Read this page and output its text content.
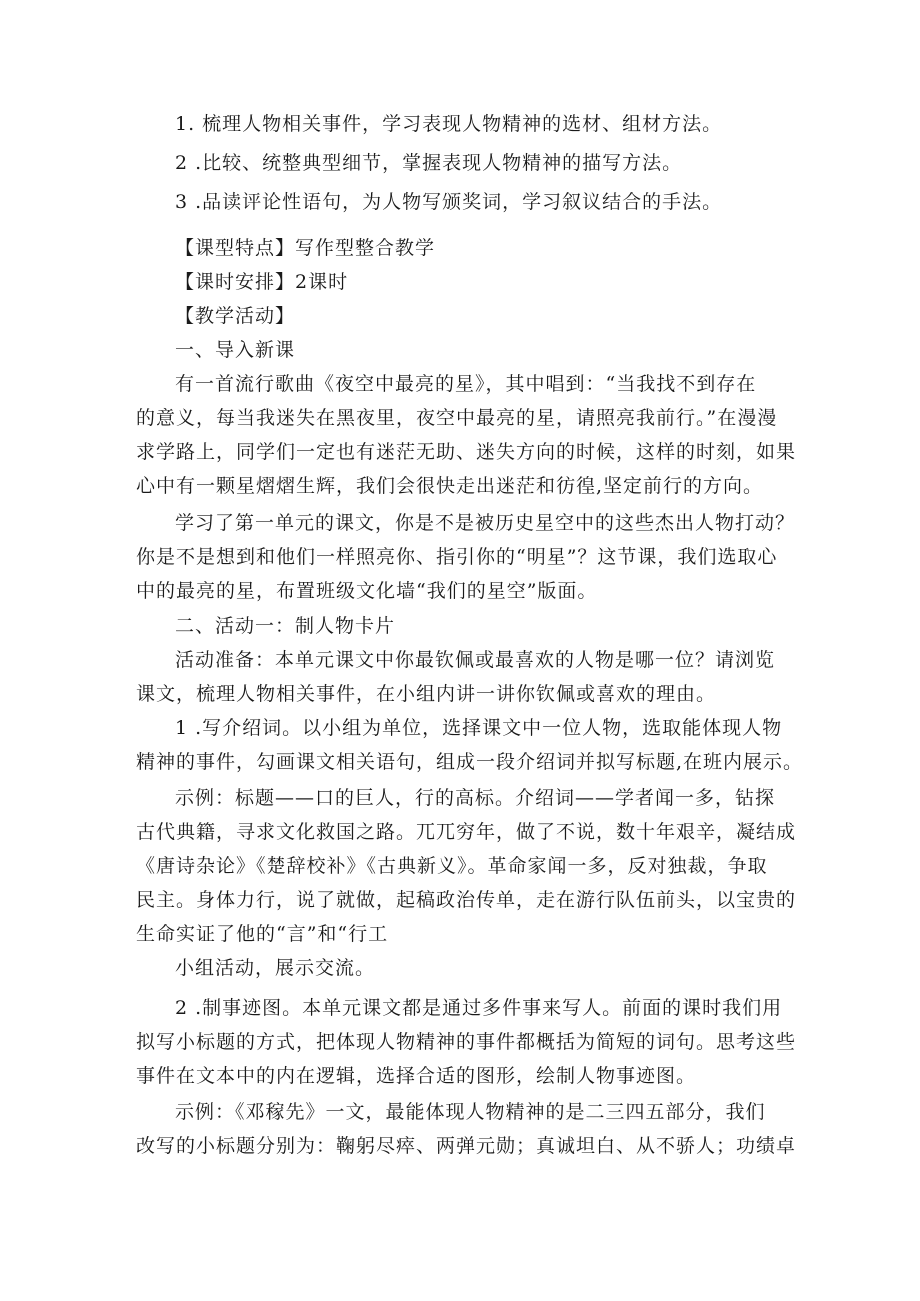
1. 梳理人物相关事件，学习表现人物精神的选材、组材方法。
2 .比较、统整典型细节，掌握表现人物精神的描写方法。
3 .品读评论性语句，为人物写颁奖词，学习叙议结合的手法。
【课型特点】写作型整合教学
【课时安排】2课时
【教学活动】
一、导入新课
有一首流行歌曲《夜空中最亮的星》，其中唱到：“当我找不到存在
的意义，每当我迷失在黑夜里，夜空中最亮的星，请照亮我前行。”在漫漫
求学路上，同学们一定也有迷茫无助、迷失方向的时候，这样的时刻，如果
心中有一颗星熠熠生辉，我们会很快走出迷茫和彷徨,坚定前行的方向。
学习了第一单元的课文，你是不是被历史星空中的这些杰出人物打动？
你是不是想到和他们一样照亮你、指引你的“明星”？这节课，我们选取心
中的最亮的星，布置班级文化墙“我们的星空”版面。
二、活动一：制人物卡片
活动准备：本单元课文中你最钦佩或最喜欢的人物是哪一位？请浏览
课文，梳理人物相关事件，在小组内讲一讲你钦佩或喜欢的理由。
1 .写介绍词。以小组为单位，选择课文中一位人物，选取能体现人物
精神的事件，勾画课文相关语句，组成一段介绍词并拟写标题,在班内展示。
示例：标题——口的巨人，行的高标。介绍词——学者闻一多，钻探
古代典籍，寻求文化救国之路。兀兀穷年，做了不说，数十年艰辛，凝结成
《唐诗杂论》《楚辞校补》《古典新义》。革命家闻一多，反对独裁，争取
民主。身体力行，说了就做，起稿政治传单，走在游行队伍前头，以宝贵的
生命实证了他的“言”和“行工
小组活动，展示交流。
2 .制事迹图。本单元课文都是通过多件事来写人。前面的课时我们用
拟写小标题的方式，把体现人物精神的事件都概括为简短的词句。思考这些
事件在文本中的内在逻辑，选择合适的图形，绘制人物事迹图。
示例：《邓稼先》一文，最能体现人物精神的是二三四五部分，我们
改写的小标题分别为：鞠躬尽瘁、两弹元勋；真诚坦白、从不骄人；功绩卓
